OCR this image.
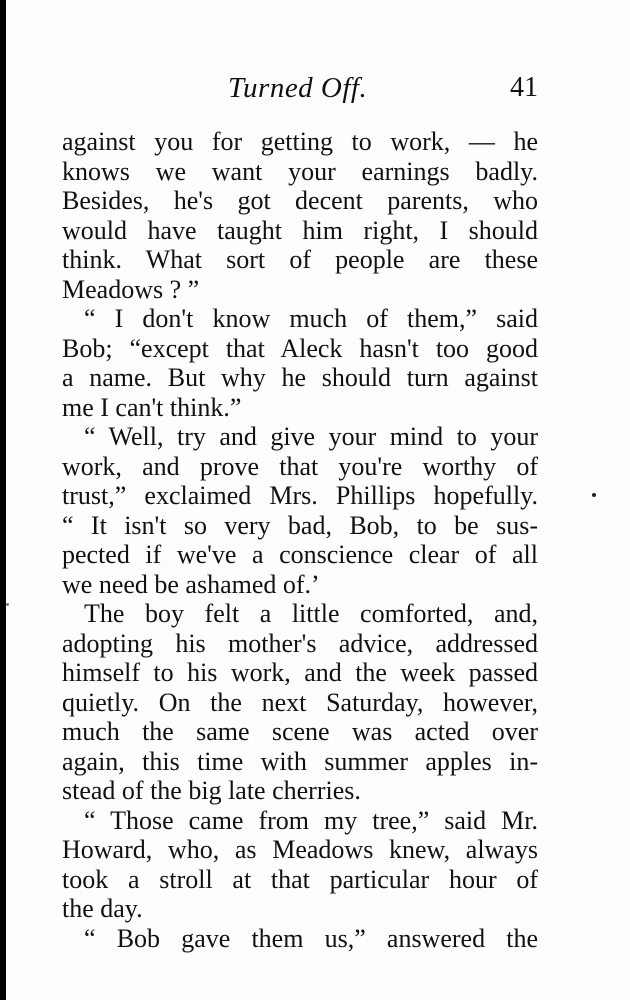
Turned Off.	41
against you for getting to work, — he
knows we want your earnings badly.
Besides, he's got decent parents, who
would have taught him right, I should
think. What sort of people are these
Meadows ? ”
“ I don't know much of them,” said
Bob; “except that Aleck hasn't too good
a name. But why he should turn against
me I can't think.”
“ Well, try and give your mind to your
work, and prove that you're worthy of
trust,” exclaimed Mrs. Phillips hopefully.
“ It isn't so very bad, Bob, to be sus-
pected if we've a conscience clear of all
we need be ashamed of.’
The boy felt a little comforted, and,
adopting his mother's advice, addressed
himself to his work, and the week passed
quietly. On the next Saturday, however,
much the same scene was acted over
again, this time with summer apples in-
stead of the big late cherries.
“ Those came from my tree,” said Mr.
Howard, who, as Meadows knew, always
took a stroll at that particular hour of
the day.
“ Bob gave them us,” answered the
